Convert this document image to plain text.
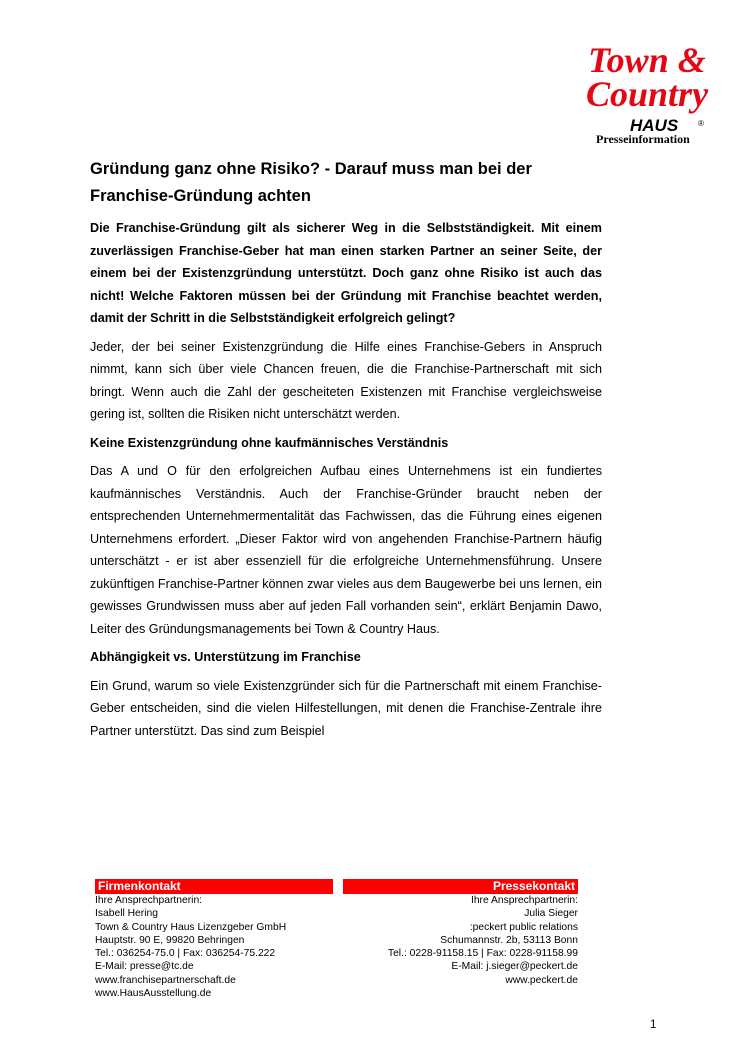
Town &
Country
HAUS ®
Presseinformation
Gründung ganz ohne Risiko? - Darauf muss man bei der Franchise-Gründung achten

Die Franchise-Gründung gilt als sicherer Weg in die Selbstständigkeit. Mit einem zuverlässigen Franchise-Geber hat man einen starken Partner an seiner Seite, der einem bei der Existenzgründung unterstützt. Doch ganz ohne Risiko ist auch das nicht! Welche Faktoren müssen bei der Gründung mit Franchise beachtet werden, damit der Schritt in die Selbstständigkeit erfolgreich gelingt?

Jeder, der bei seiner Existenzgründung die Hilfe eines Franchise-Gebers in Anspruch nimmt, kann sich über viele Chancen freuen, die die Franchise-Partnerschaft mit sich bringt. Wenn auch die Zahl der gescheiteten Existenzen mit Franchise vergleichsweise gering ist, sollten die Risiken nicht unterschätzt werden.

Keine Existenzgründung ohne kaufmännisches Verständnis

Das A und O für den erfolgreichen Aufbau eines Unternehmens ist ein fundiertes kaufmännisches Verständnis. Auch der Franchise-Gründer braucht neben der entsprechenden Unternehmermentalität das Fachwissen, das die Führung eines eigenen Unternehmens erfordert. „Dieser Faktor wird von angehenden Franchise-Partnern häufig unterschätzt - er ist aber essenziell für die erfolgreiche Unternehmensführung. Unsere zukünftigen Franchise-Partner können zwar vieles aus dem Baugewerbe bei uns lernen, ein gewisses Grundwissen muss aber auf jeden Fall vorhanden sein“, erklärt Benjamin Dawo, Leiter des Gründungsmanagements bei Town & Country Haus.

Abhängigkeit vs. Unterstützung im Franchise

Ein Grund, warum so viele Existenzgründer sich für die Partnerschaft mit einem Franchise-Geber entscheiden, sind die vielen Hilfestellungen, mit denen die Franchise-Zentrale ihre Partner unterstützt. Das sind zum Beispiel

Firmenkontakt
Ihre Ansprechpartnerin:
Isabell Hering
Town & Country Haus Lizenzgeber GmbH
Hauptstr. 90 E, 99820 Behringen
Tel.: 036254-75.0 | Fax: 036254-75.222
E-Mail: presse@tc.de
www.franchisepartnerschaft.de
www.HausAusstellung.de
Pressekontakt
Ihre Ansprechpartnerin:
Julia Sieger
:peckert public relations
Schumannstr. 2b, 53113 Bonn
Tel.: 0228-91158.15 | Fax: 0228-91158.99
E-Mail: j.sieger@peckert.de
www.peckert.de
1
